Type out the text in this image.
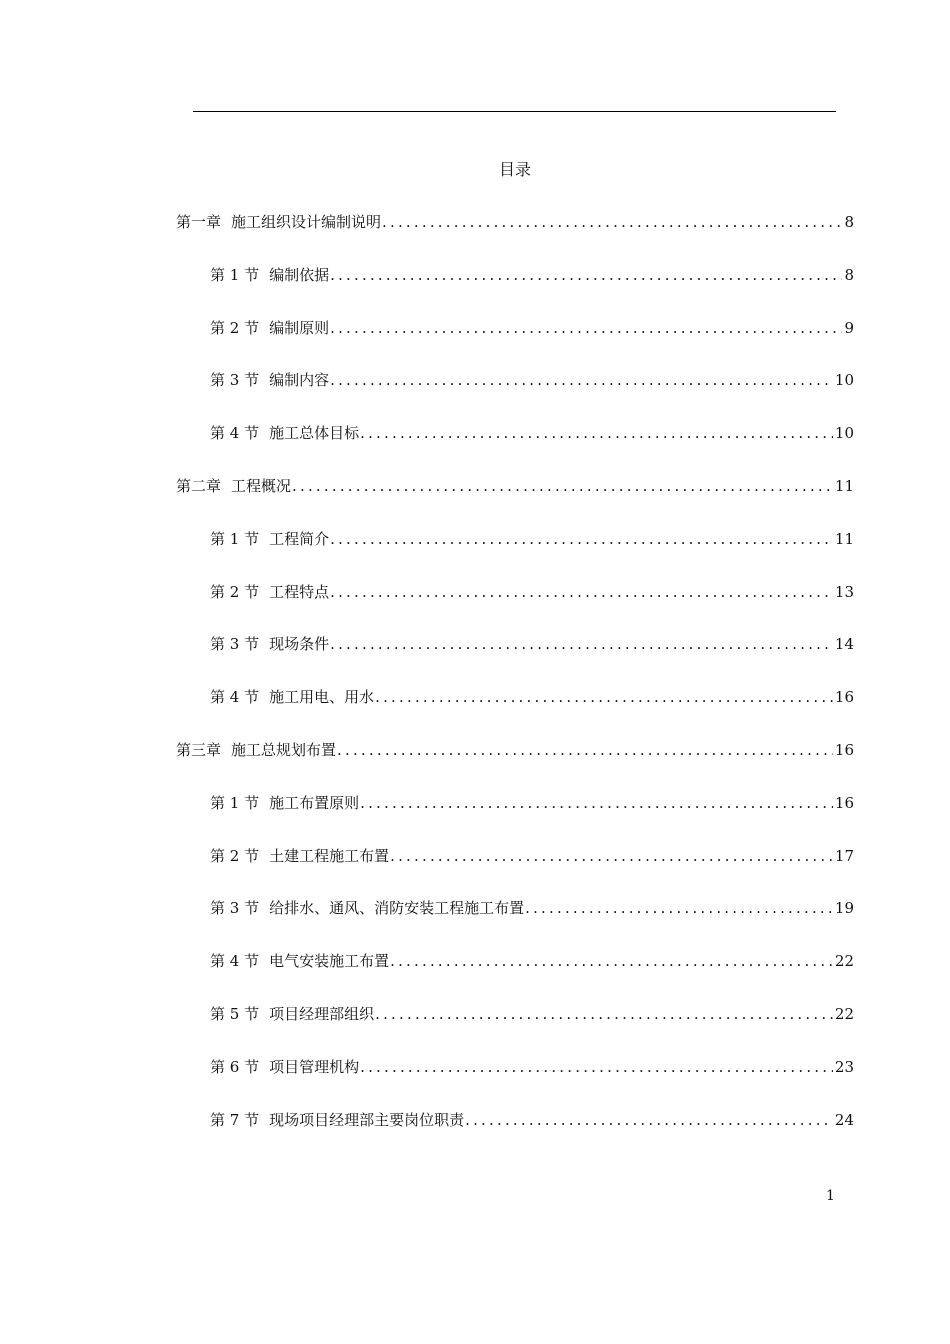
目录
第一章 施工组织设计编制说明 .....	8
第 1 节 编制依据 .....	8
第 2 节 编制原则 .....	9
第 3 节 编制内容 .....	10
第 4 节 施工总体目标 .....	10
第二章 工程概况 .....	11
第 1 节 工程简介 .....	11
第 2 节 工程特点 .....	13
第 3 节 现场条件 .....	14
第 4 节 施工用电、用水 .....	16
第三章 施工总规划布置 .....	16
第 1 节 施工布置原则 .....	16
第 2 节 土建工程施工布置 .....	17
第 3 节 给排水、通风、消防安装工程施工布置 .....	19
第 4 节 电气安装施工布置 .....	22
第 5 节 项目经理部组织 .....	22
第 6 节 项目管理机构 .....	23
第 7 节 现场项目经理部主要岗位职责 .....	24
1
